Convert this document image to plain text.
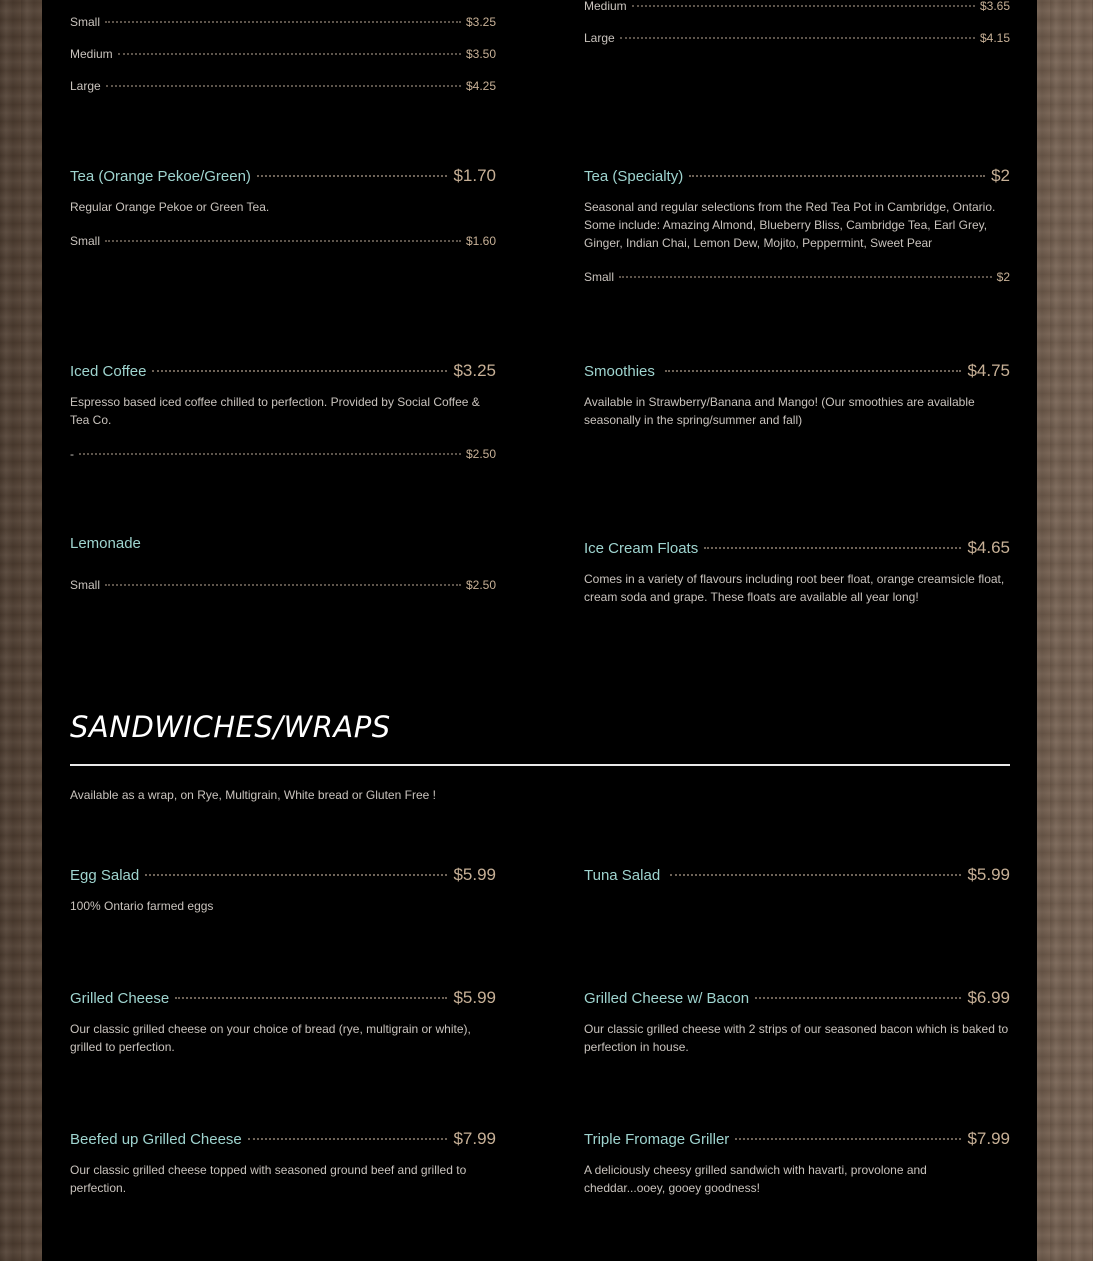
Small	$3.25
Medium	$3.50
Large	$4.25
Medium	$3.65
Large	$4.15
Tea (Orange Pekoe/Green)	$1.70
Regular Orange Pekoe or Green Tea.
Small	$1.60
Tea (Specialty)	$2
Seasonal and regular selections from the Red Tea Pot in Cambridge, Ontario. Some include: Amazing Almond, Blueberry Bliss, Cambridge Tea, Earl Grey, Ginger, Indian Chai, Lemon Dew, Mojito, Peppermint, Sweet Pear
Small	$2
Iced Coffee	$3.25
Espresso based iced coffee chilled to perfection. Provided by Social Coffee & Tea Co.
-	$2.50
Smoothies	$4.75
Available in Strawberry/Banana and Mango! (Our smoothies are available seasonally in the spring/summer and fall)
Lemonade
Small	$2.50
Ice Cream Floats	$4.65
Comes in a variety of flavours including root beer float, orange creamsicle float, cream soda and grape. These floats are available all year long!
SANDWICHES/WRAPS
Available as a wrap, on Rye, Multigrain, White bread or Gluten Free !
Egg Salad	$5.99
100% Ontario farmed eggs
Tuna Salad	$5.99
Grilled Cheese	$5.99
Our classic grilled cheese on your choice of bread (rye, multigrain or white), grilled to perfection.
Grilled Cheese w/ Bacon	$6.99
Our classic grilled cheese with 2 strips of our seasoned bacon which is baked to perfection in house.
Beefed up Grilled Cheese	$7.99
Our classic grilled cheese topped with seasoned ground beef and grilled to perfection.
Triple Fromage Griller	$7.99
A deliciously cheesy grilled sandwich with havarti, provolone and cheddar...ooey, gooey goodness!
